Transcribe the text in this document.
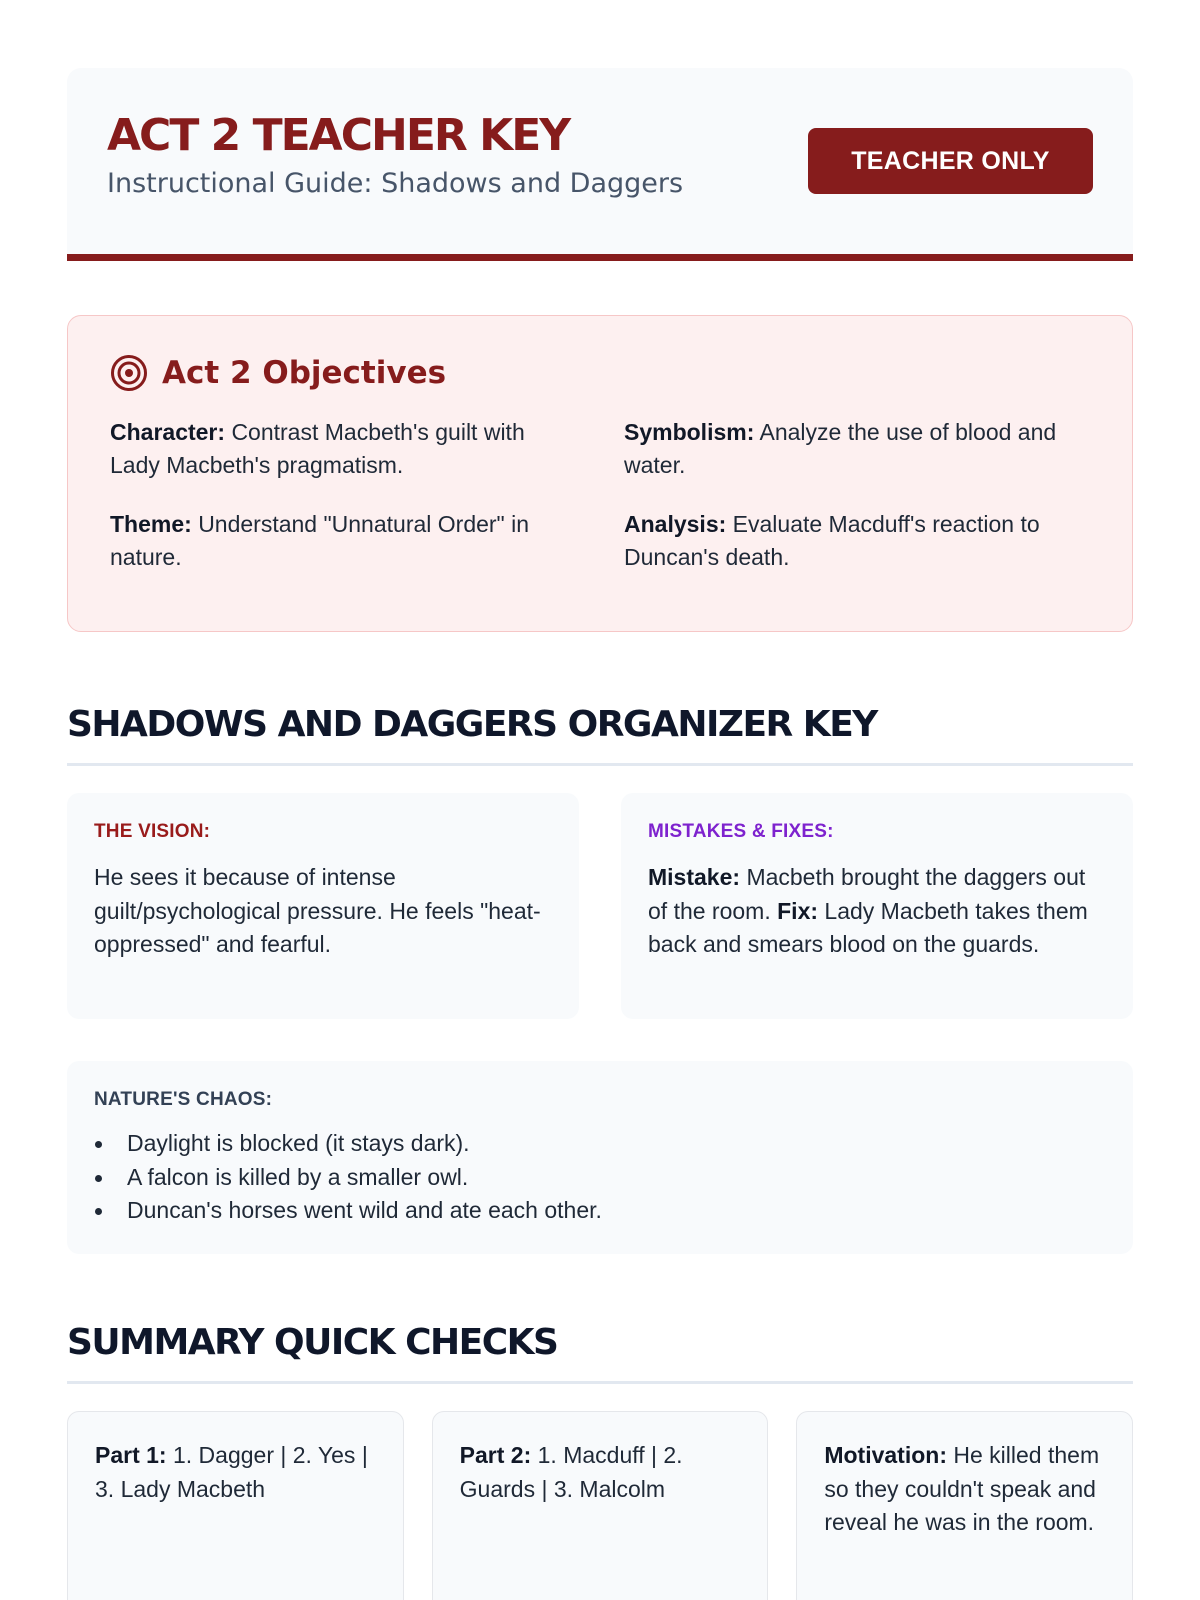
ACT 2 TEACHER KEY
Instructional Guide: Shadows and Daggers
TEACHER ONLY
Act 2 Objectives

Character: Contrast Macbeth's guilt with Lady Macbeth's pragmatism.

Symbolism: Analyze the use of blood and water.

Theme: Understand "Unnatural Order" in nature.

Analysis: Evaluate Macduff's reaction to Duncan's death.

SHADOWS AND DAGGERS ORGANIZER KEY
THE VISION:

He sees it because of intense guilt/psychological pressure. He feels "heat-oppressed" and fearful.

MISTAKES & FIXES:

Mistake: Macbeth brought the daggers out of the room. Fix: Lady Macbeth takes them back and smears blood on the guards.

NATURE'S CHAOS:
Daylight is blocked (it stays dark).
A falcon is killed by a smaller owl.
Duncan's horses went wild and ate each other.
SUMMARY QUICK CHECKS
Part 1: 1. Dagger | 2. Yes | 3. Lady Macbeth
Part 2: 1. Macduff | 2. Guards | 3. Malcolm
Motivation: He killed them so they couldn't speak and reveal he was in the room.
